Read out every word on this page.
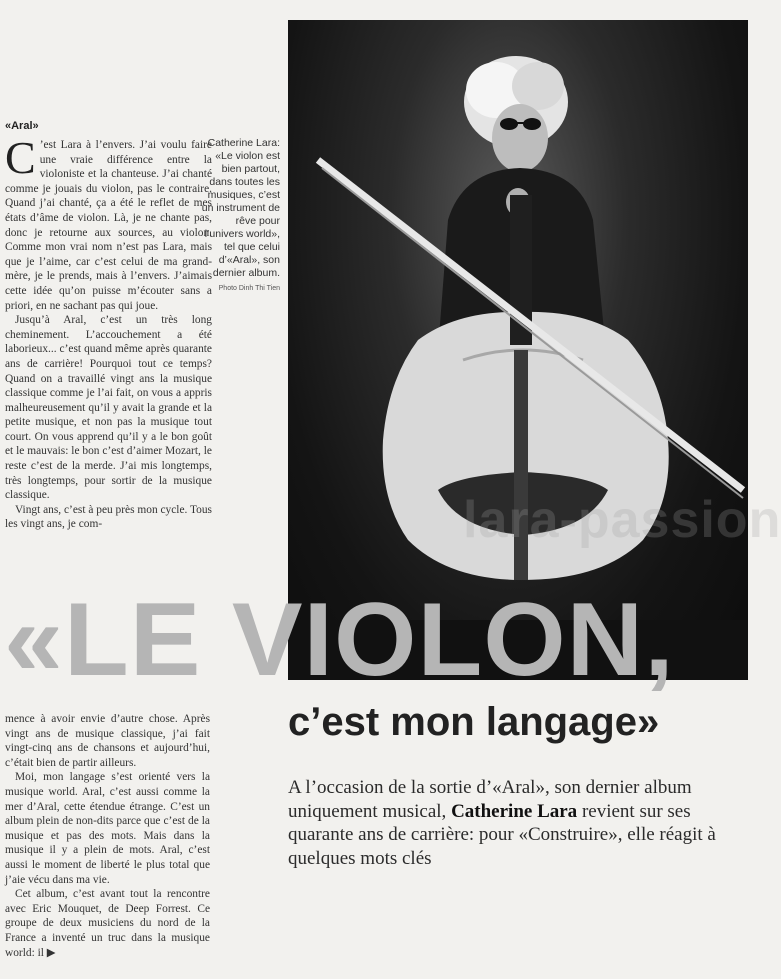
«Aral»

C ’est Lara à l’envers. J’ai voulu faire une vraie différence entre la violoniste et la chanteuse. J’ai chanté comme je jouais du violon, pas le contraire. Quand j’ai chanté, ça a été le reflet de mes états d’âme de violon. Là, je ne chante pas, donc je retourne aux sources, au violon. Comme mon vrai nom n’est pas Lara, mais que je l’aime, car c’est celui de ma grand-mère, je le prends, mais à l’envers. J’aimais cette idée qu’on puisse m’écouter sans a priori, en ne sachant pas qui joue.

Jusqu’à Aral, c’est un très long cheminement. L’accouchement a été laborieux... c’est quand même après quarante ans de carrière! Pourquoi tout ce temps? Quand on a travaillé vingt ans la musique classique comme je l’ai fait, on vous a appris malheureusement qu’il y avait la grande et la petite musique, et non pas la musique tout court. On vous apprend qu’il y a le bon goût et le mauvais: le bon c’est d’aimer Mozart, le reste c’est de la merde. J’ai mis longtemps, très longtemps, pour sortir de la musique classique.

Vingt ans, c’est à peu près mon cycle. Tous les vingt ans, je com-

Catherine Lara: «Le violon est bien partout, dans toutes les musiques, c’est un instrument de rêve pour l’univers world», tel que celui d’«Aral», son dernier album.
Photo Dinh Thi Tien
lara-passion
«LE VIOLON,
c’est mon langage»

mence à avoir envie d’autre chose. Après vingt ans de musique classique, j’ai fait vingt-cinq ans de chansons et aujourd’hui, c’était bien de partir ailleurs.

Moi, mon langage s’est orienté vers la musique world. Aral, c’est aussi comme la mer d’Aral, cette étendue étrange. C’est un album plein de non-dits parce que c’est de la musique et pas des mots. Mais dans la musique il y a plein de mots. Aral, c’est aussi le moment de liberté le plus total que j’aie vécu dans ma vie.

Cet album, c’est avant tout la rencontre avec Eric Mouquet, de Deep Forrest. Ce groupe de deux musiciens du nord de la France a inventé un truc dans la musique world: il ▶

A l’occasion de la sortie d’«Aral», son dernier album uniquement musical, Catherine Lara revient sur ses quarante ans de carrière: pour «Construire», elle réagit à quelques mots clés
